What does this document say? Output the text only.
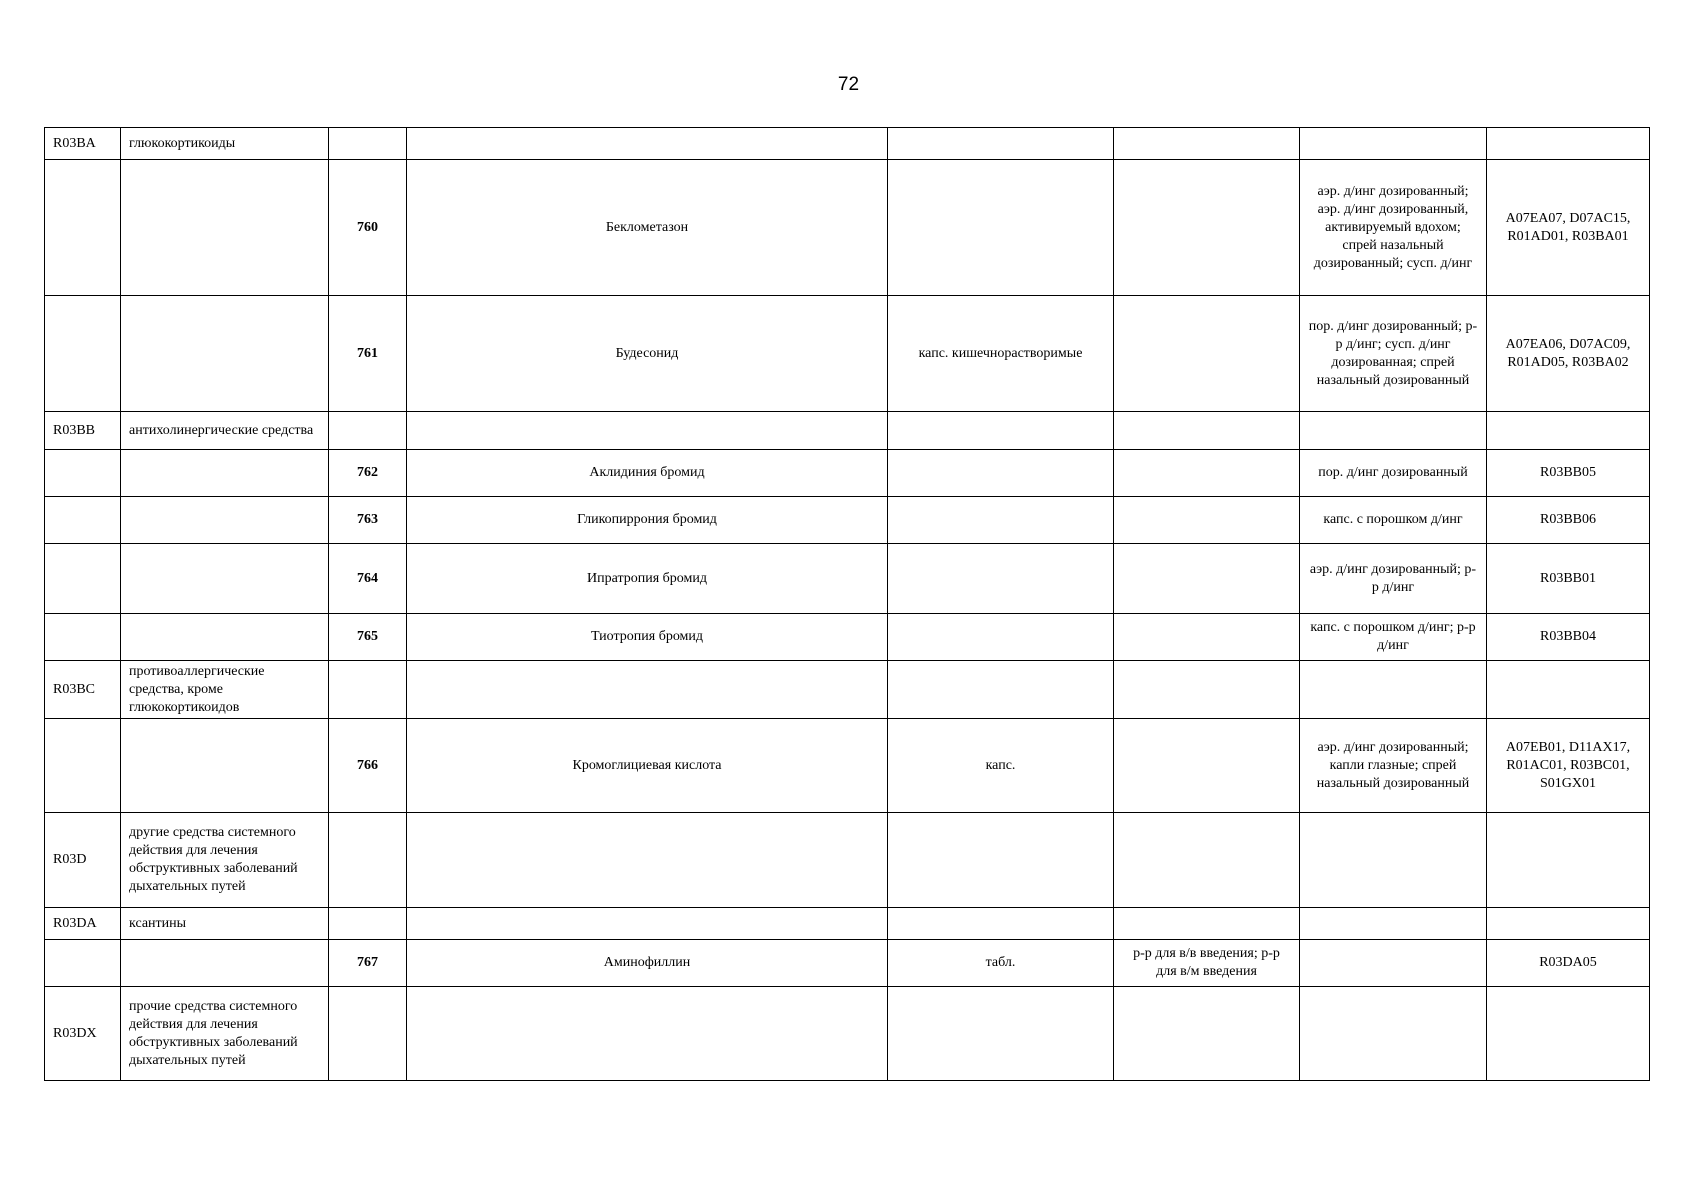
72
R03BA	глюкокортикоиды						
		760	Беклометазон			аэр. д/инг дозированный; аэр. д/инг дозированный, активируемый вдохом; спрей назальный дозированный; сусп. д/инг	A07EA07, D07AC15, R01AD01, R03BA01
		761	Будесонид	капс. кишечнорастворимые		пор. д/инг дозированный; р-р д/инг; сусп. д/инг дозированная; спрей назальный дозированный	A07EA06, D07AC09, R01AD05, R03BA02
R03BB	антихолинергические средства						
		762	Аклидиния бромид			пор. д/инг дозированный	R03BB05
		763	Гликопиррония бромид			капс. с порошком д/инг	R03BB06
		764	Ипратропия бромид			аэр. д/инг дозированный; р-р д/инг	R03BB01
		765	Тиотропия бромид			капс. с порошком д/инг; р-р д/инг	R03BB04
R03BC	противоаллергические средства, кроме глюкокортикоидов						
		766	Кромоглициевая кислота	капс.		аэр. д/инг дозированный; капли глазные; спрей назальный дозированный	A07EB01, D11AX17, R01AC01, R03BC01, S01GX01
R03D	другие средства системного действия для лечения обструктивных заболеваний дыхательных путей						
R03DA	ксантины						
		767	Аминофиллин	табл.	р-р для в/в введения; р-р для в/м введения		R03DA05
R03DX	прочие средства системного действия для лечения обструктивных заболеваний дыхательных путей						
